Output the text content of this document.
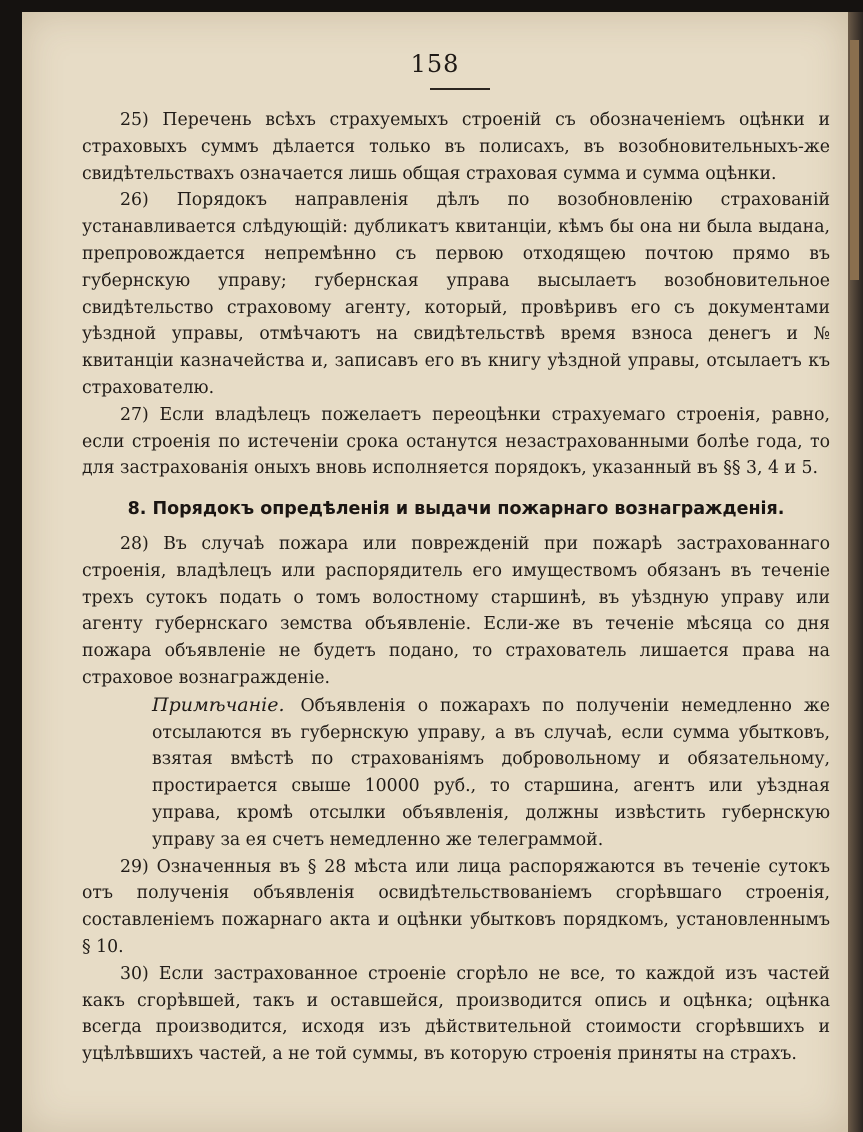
158

25) Перечень всѣхъ страхуемыхъ строеній съ обозначеніемъ оцѣнки и страховыхъ суммъ дѣлается только въ полисахъ, въ возобновительныхъ-же свидѣтельствахъ означается лишь общая страховая сумма и сумма оцѣнки.

26) Порядокъ направленія дѣлъ по возобновленію страхованій устанавливается слѣдующій: дубликатъ квитанціи, кѣмъ бы она ни была выдана, препровождается непремѣнно съ первою отходящею почтою прямо въ губернскую управу; губернская управа высылаетъ возобновительное свидѣтельство страховому агенту, который, провѣривъ его съ документами уѣздной управы, отмѣчаютъ на свидѣтельствѣ время взноса денегъ и № квитанціи казначейства и, записавъ его въ книгу уѣздной управы, отсылаетъ къ страхователю.

27) Если владѣлецъ пожелаетъ переоцѣнки страхуемаго строенія, равно, если строенія по истеченіи срока останутся незастрахованными болѣе года, то для застрахованія оныхъ вновь исполняется порядокъ, указанный въ §§ 3, 4 и 5.

8. Порядокъ опредѣленія и выдачи пожарнаго вознагражденія.

28) Въ случаѣ пожара или поврежденій при пожарѣ застрахованнаго строенія, владѣлецъ или распорядитель его имуществомъ обязанъ въ теченіе трехъ сутокъ подать о томъ волостному старшинѣ, въ уѣздную управу или агенту губернскаго земства объявленіе. Если-же въ теченіе мѣсяца со дня пожара объявленіе не будетъ подано, то страхователь лишается права на страховое вознагражденіе.

Примѣчаніе. Объявленія о пожарахъ по полученіи немедленно же отсылаются въ губернскую управу, а въ случаѣ, если сумма убытковъ, взятая вмѣстѣ по страхованіямъ добровольному и обязательному, простирается свыше 10000 руб., то старшина, агентъ или уѣздная управа, кромѣ отсылки объявленія, должны извѣстить губернскую управу за ея счетъ немедленно же телеграммой.

29) Означенныя въ § 28 мѣста или лица распоряжаются въ теченіе сутокъ отъ полученія объявленія освидѣтельствованіемъ сгорѣвшаго строенія, составленіемъ пожарнаго акта и оцѣнки убытковъ порядкомъ, установленнымъ § 10.

30) Если застрахованное строеніе сгорѣло не все, то каждой изъ частей какъ сгорѣвшей, такъ и оставшейся, производится опись и оцѣнка; оцѣнка всегда производится, исходя изъ дѣйствительной стоимости сгорѣвшихъ и уцѣлѣвшихъ частей, а не той суммы, въ которую строенія приняты на страхъ.
